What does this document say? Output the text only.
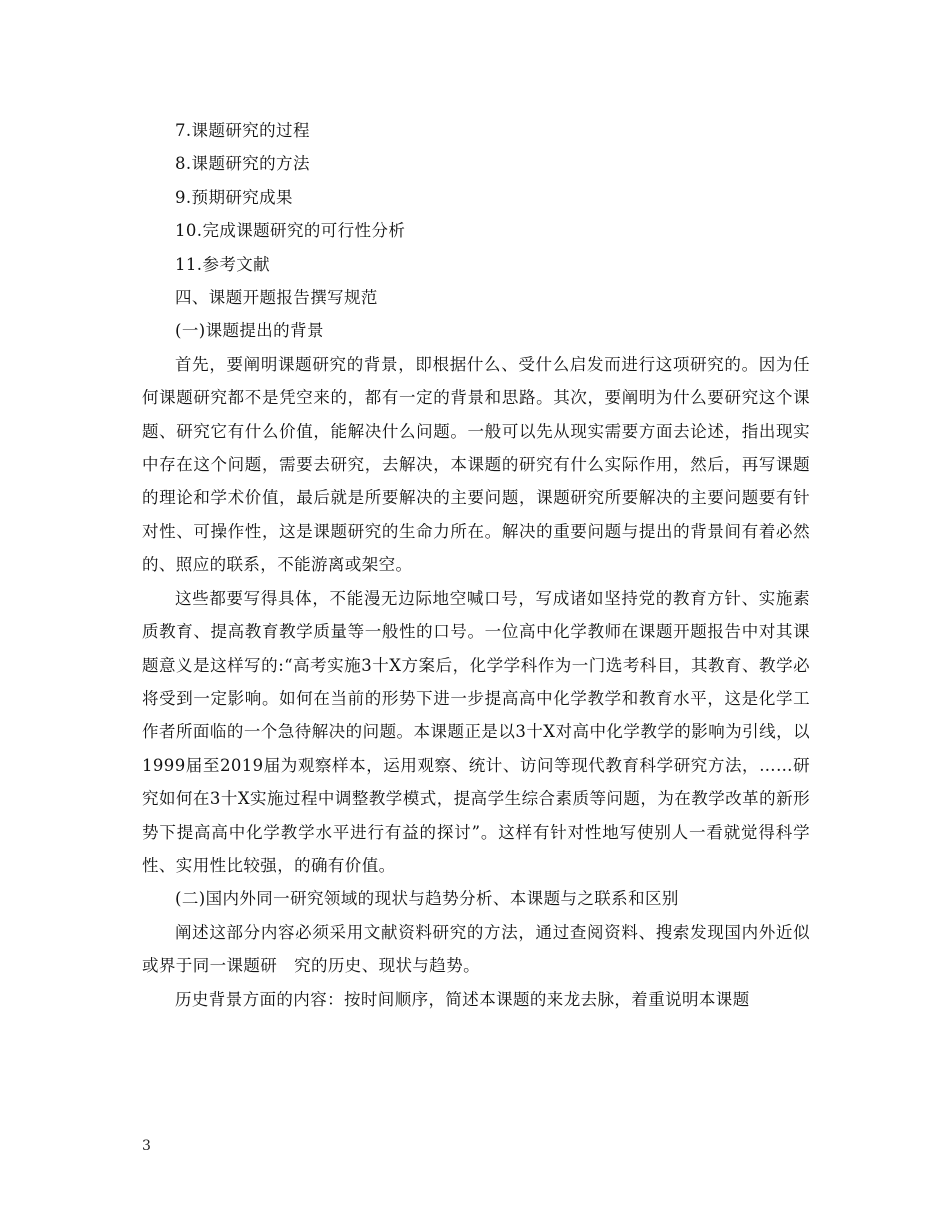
7.课题研究的过程

8.课题研究的方法

9.预期研究成果

10.完成课题研究的可行性分析

11.参考文献

四、课题开题报告撰写规范

(一)课题提出的背景

首先，要阐明课题研究的背景，即根据什么、受什么启发而进行这项研究的。因为任何课题研究都不是凭空来的，都有一定的背景和思路。其次，要阐明为什么要研究这个课题、研究它有什么价值，能解决什么问题。一般可以先从现实需要方面去论述，指出现实中存在这个问题，需要去研究，去解决，本课题的研究有什么实际作用，然后，再写课题的理论和学术价值，最后就是所要解决的主要问题，课题研究所要解决的主要问题要有针对性、可操作性，这是课题研究的生命力所在。解决的重要问题与提出的背景间有着必然的、照应的联系，不能游离或架空。

这些都要写得具体，不能漫无边际地空喊口号，写成诸如坚持党的教育方针、实施素质教育、提高教育教学质量等一般性的口号。一位高中化学教师在课题开题报告中对其课题意义是这样写的:“高考实施3十X方案后，化学学科作为一门选考科目，其教育、教学必将受到一定影响。如何在当前的形势下进一步提高高中化学教学和教育水平，这是化学工作者所面临的一个急待解决的问题。本课题正是以3十X对高中化学教学的影响为引线，以1999届至2019届为观察样本，运用观察、统计、访问等现代教育科学研究方法，……研究如何在3十X实施过程中调整教学模式，提高学生综合素质等问题，为在教学改革的新形势下提高高中化学教学水平进行有益的探讨”。这样有针对性地写使别人一看就觉得科学性、实用性比较强，的确有价值。

(二)国内外同一研究领域的现状与趋势分析、本课题与之联系和区别

阐述这部分内容必须采用文献资料研究的方法，通过查阅资料、搜索发现国内外近似或界于同一课题研　究的历史、现状与趋势。

历史背景方面的内容：按时间顺序，简述本课题的来龙去脉，着重说明本课题

3
